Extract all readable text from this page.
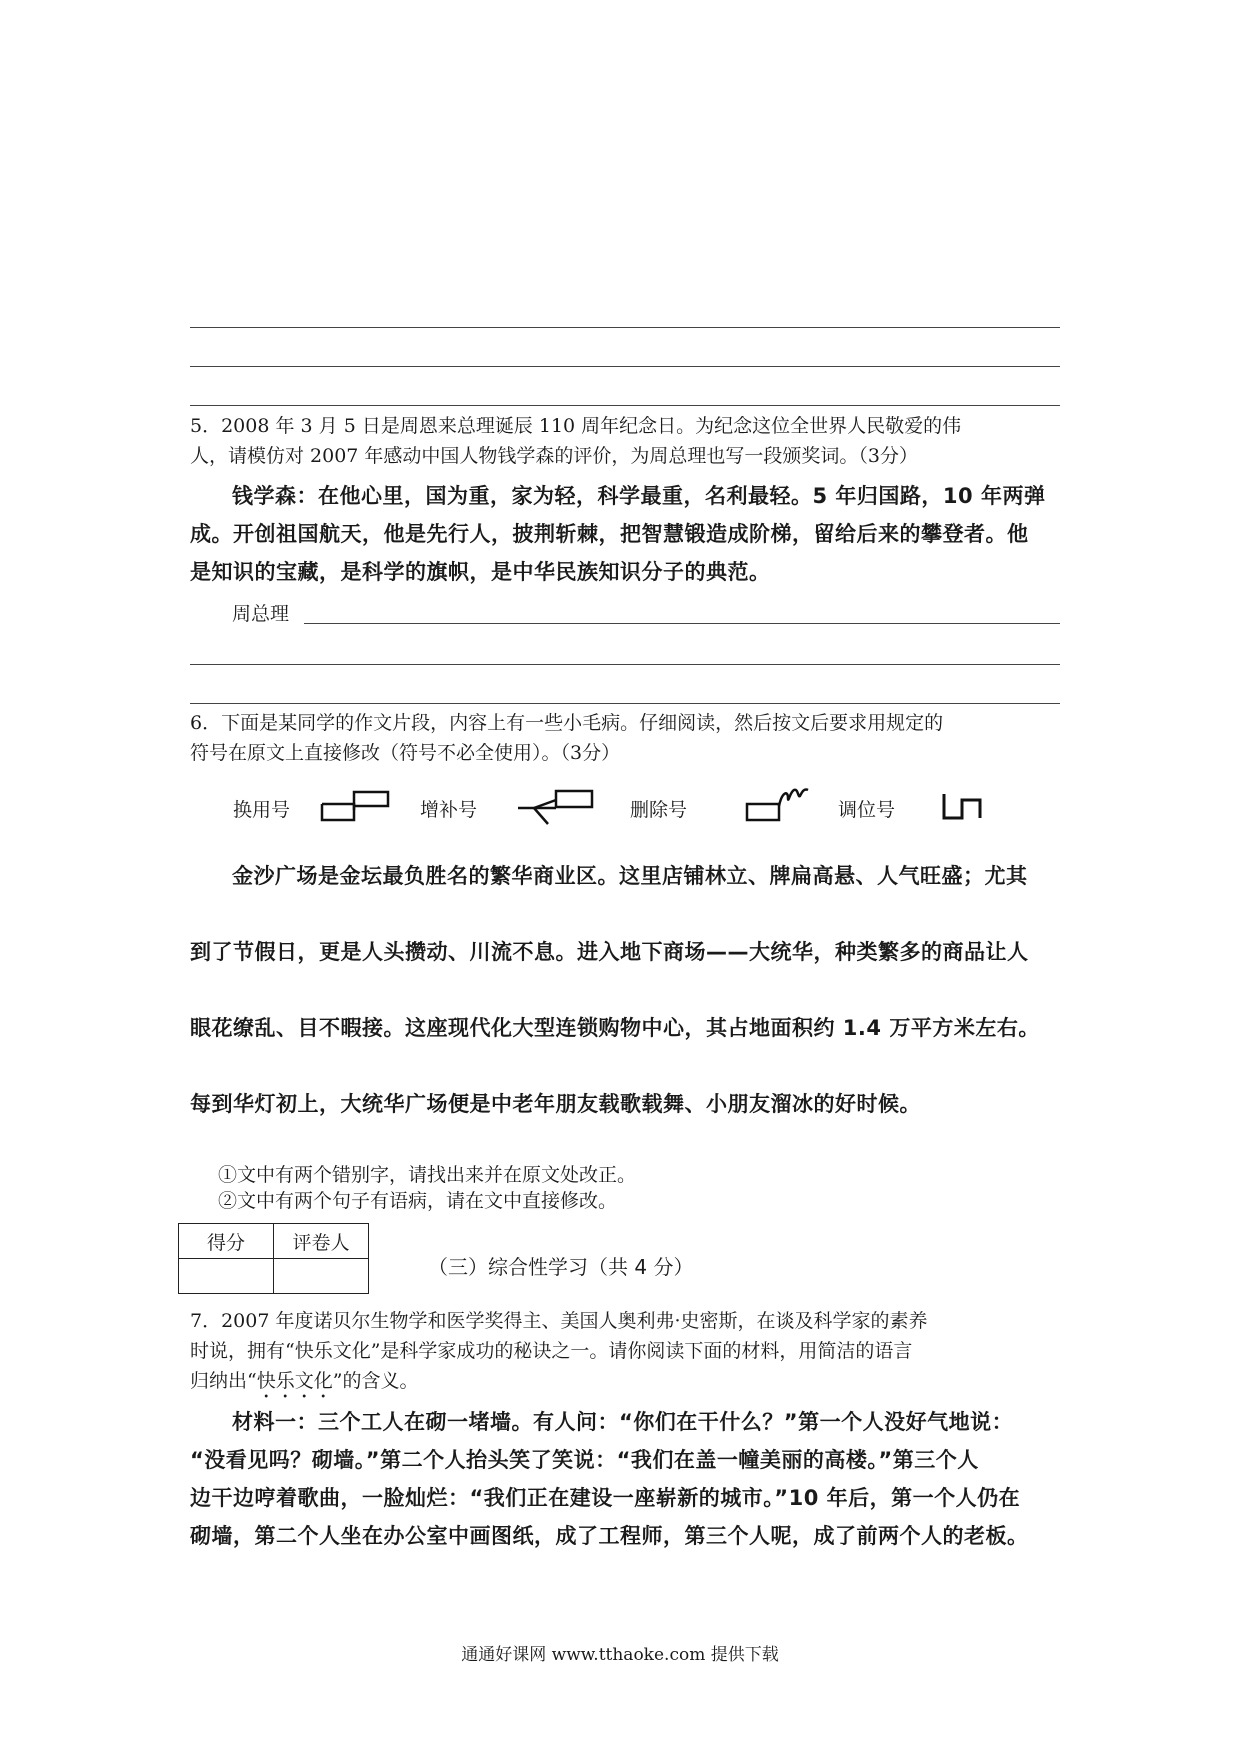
5．2008 年 3 月 5 日是周恩来总理诞辰 110 周年纪念日。为纪念这位全世界人民敬爱的伟
人，请模仿对 2007 年感动中国人物钱学森的评价，为周总理也写一段颁奖词。（3分）
钱学森：在他心里，国为重，家为轻，科学最重，名利最轻。5 年归国路，10 年两弹
成。开创祖国航天，他是先行人，披荆斩棘，把智慧锻造成阶梯，留给后来的攀登者。他
是知识的宝藏，是科学的旗帜，是中华民族知识分子的典范。
周总理
6．下面是某同学的作文片段，内容上有一些小毛病。仔细阅读，然后按文后要求用规定的
符号在原文上直接修改（符号不必全使用）。（3分）
换用号	增补号	删除号	调位号
金沙广场是金坛最负胜名的繁华商业区。这里店铺林立、牌扁高悬、人气旺盛；尤其
到了节假日，更是人头攒动、川流不息。进入地下商场——大统华，种类繁多的商品让人
眼花缭乱、目不暇接。这座现代化大型连锁购物中心，其占地面积约 1.4 万平方米左右。
每到华灯初上，大统华广场便是中老年朋友载歌载舞、小朋友溜冰的好时候。
①文中有两个错别字，请找出来并在原文处改正。
②文中有两个句子有语病，请在文中直接修改。
得分	评卷人

（三）综合性学习（共 4 分）
7．2007 年度诺贝尔生物学和医学奖得主、美国人奥利弗·史密斯，在谈及科学家的素养
时说，拥有“快乐文化”是科学家成功的秘诀之一。请你阅读下面的材料，用简洁的语言
归纳出“快乐文化”的含义。
材料一：三个工人在砌一堵墙。有人问：“你们在干什么？”第一个人没好气地说：
“没看见吗？砌墙。”第二个人抬头笑了笑说：“我们在盖一幢美丽的高楼。”第三个人
边干边哼着歌曲，一脸灿烂：“我们正在建设一座崭新的城市。”10 年后，第一个人仍在
砌墙，第二个人坐在办公室中画图纸，成了工程师，第三个人呢，成了前两个人的老板。
通通好课网 www.tthaoke.com 提供下载
